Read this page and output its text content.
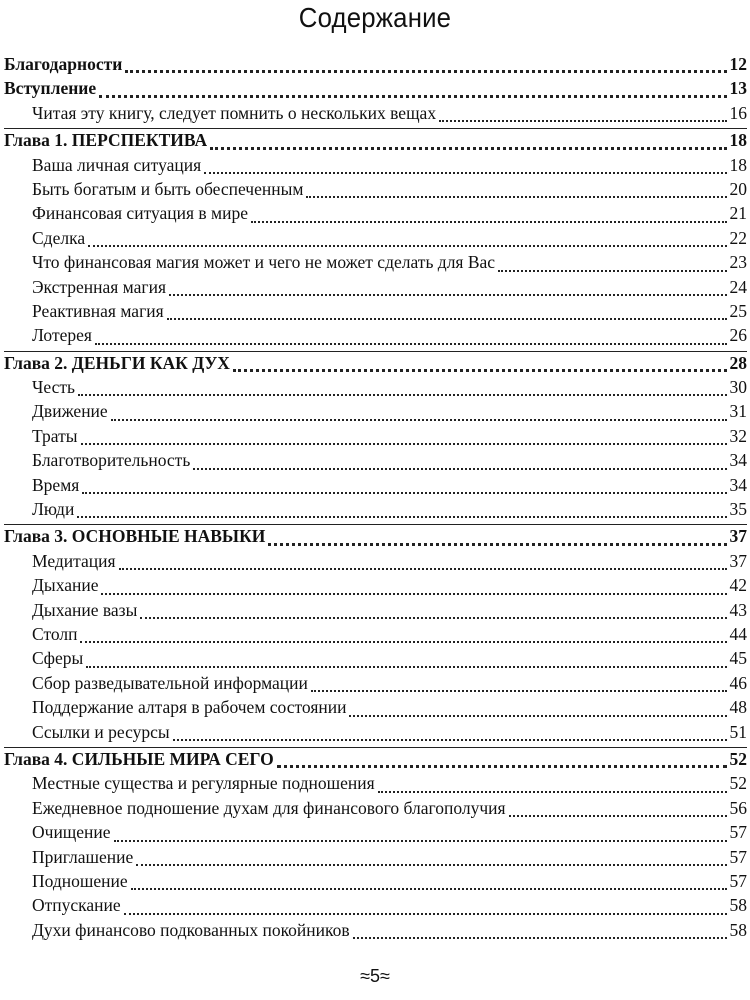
Содержание
Благодарности	12
Вступление	13
Читая эту книгу, следует помнить о нескольких вещах	16
Глава 1. ПЕРСПЕКТИВА	18
Ваша личная ситуация	18
Быть богатым и быть обеспеченным	20
Финансовая ситуация в мире	21
Сделка	22
Что финансовая магия может и чего не может сделать для Вас	23
Экстренная магия	24
Реактивная магия	25
Лотерея	26
Глава 2. ДЕНЬГИ КАК ДУХ	28
Честь	30
Движение	31
Траты	32
Благотворительность	34
Время	34
Люди	35
Глава 3. ОСНОВНЫЕ НАВЫКИ	37
Медитация	37
Дыхание	42
Дыхание вазы	43
Столп	44
Сферы	45
Сбор разведывательной информации	46
Поддержание алтаря в рабочем состоянии	48
Ссылки и ресурсы	51
Глава 4. СИЛЬНЫЕ МИРА СЕГО	52
Местные существа и регулярные подношения	52
Ежедневное подношение духам для финансового благополучия	56
Очищение	57
Приглашение	57
Подношение	57
Отпускание	58
Духи финансово подкованных покойников	58
≈5≈
